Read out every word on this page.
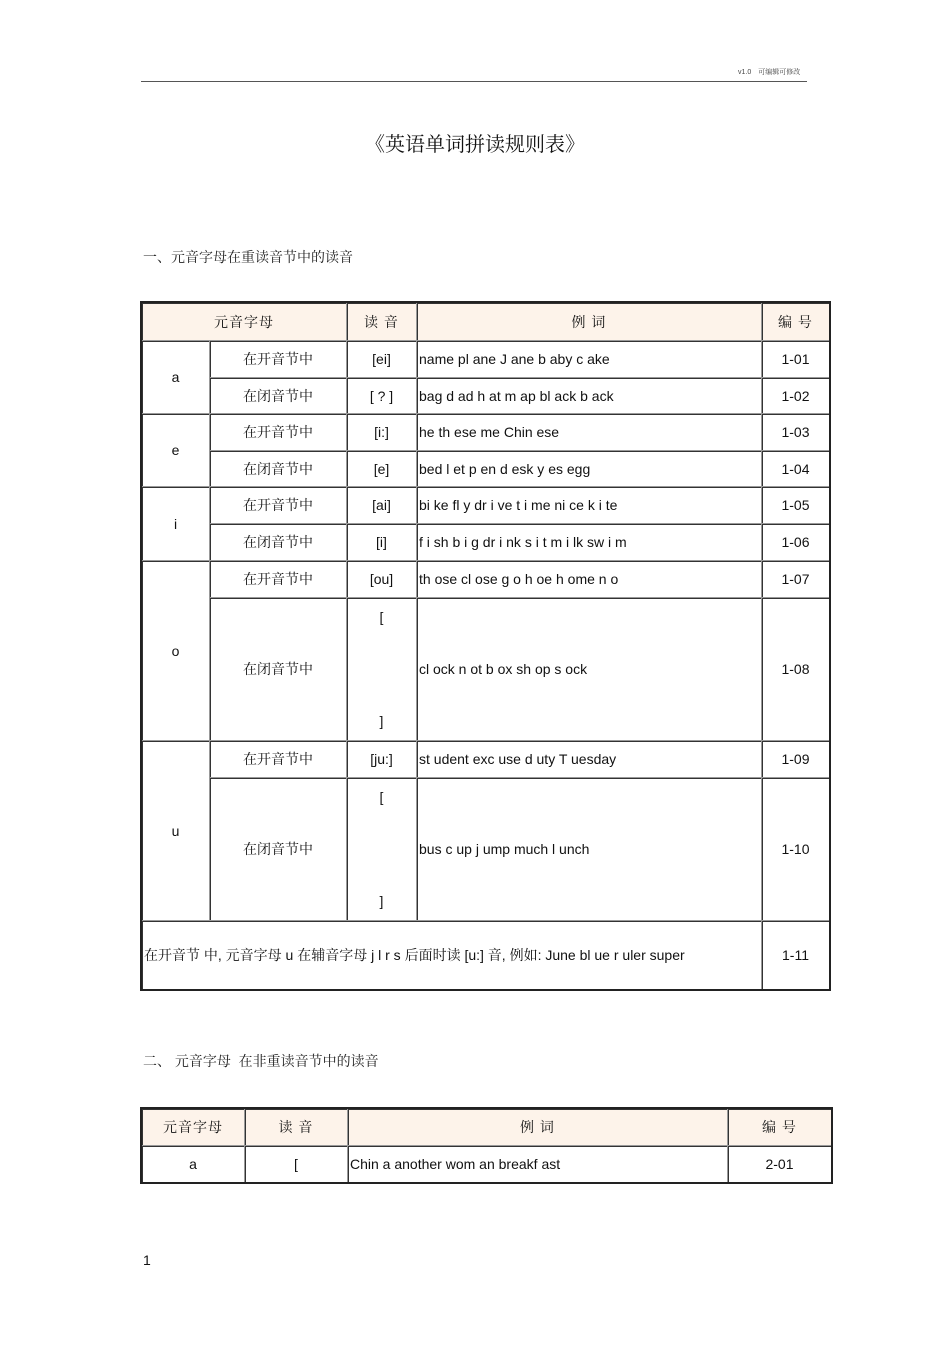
v1.0　可编辑可修改
《英语单词拼读规则表》
一、元音字母在重读音节中的读音
元音字母		读 音	例 词	编 号
a	在开音节中	[ei]	name pl ane J ane b aby c ake	1-01
	在闭音节中	[ ? ]	bag d ad h at m ap bl ack b ack	1-02
e	在开音节中	[i:]	he th ese me Chin ese	1-03
	在闭音节中	[e]	bed l et p en d esk y es egg	1-04
i	在开音节中	[ai]	bi ke fl y dr i ve t i me ni ce k i te	1-05
	在闭音节中	[i]	f i sh b i g dr i nk s i t m i lk sw i m	1-06
o	在开音节中	[ou]	th ose cl ose g o h oe h ome n o	1-07
	在闭音节中	[
]	cl ock n ot b ox sh op s ock	1-08
u	在开音节中	[ju:]	st udent exc use d uty T uesday	1-09
	在闭音节中	[
]	bus c up j ump much l unch	1-10
在开音节 中, 元音字母 u 在辅音字母 j l r s 后面时读 [u:] 音, 例如: June bl ue r uler super				1-11
二、 元音字母  在非重读音节中的读音
元音字母	读 音	例 词	编 号
a	[	Chin a another wom an breakf ast	2-01
1
